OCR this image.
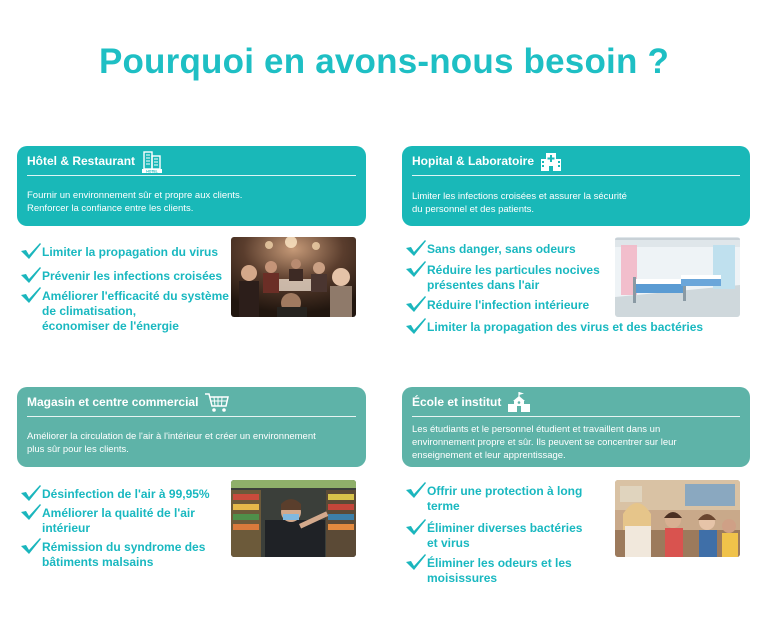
Pourquoi en avons-nous besoin ?
Hôtel & Restaurant
HOTEL
Fournir un environnement sûr et propre aux clients.
Renforcer la confiance entre les clients.
Limiter la propagation du virus
Prévenir les infections croisées
Améliorer l'efficacité du système
de climatisation,
économiser de l'énergie
Hopital & Laboratoire
Limiter les infections croisées et assurer la sécurité
du personnel et des patients.
Sans danger, sans odeurs
Réduire les particules nocives
présentes dans l'air
Réduire l'infection intérieure
Limiter la propagation des virus et des bactéries
Magasin et centre commercial
Améliorer la circulation de l'air à l'intérieur et créer un environnement
plus sûr pour les clients.
Désinfection de l'air à 99,95%
Améliorer la qualité de l'air
intérieur
Rémission du syndrome des
bâtiments malsains
École et institut
Les étudiants et le personnel étudient et travaillent dans un
environnement propre et sûr. Ils peuvent se concentrer sur leur
enseignement et leur apprentissage.
Offrir une protection à long terme
Éliminer diverses bactéries
et virus
Éliminer les odeurs et les
moisissures
